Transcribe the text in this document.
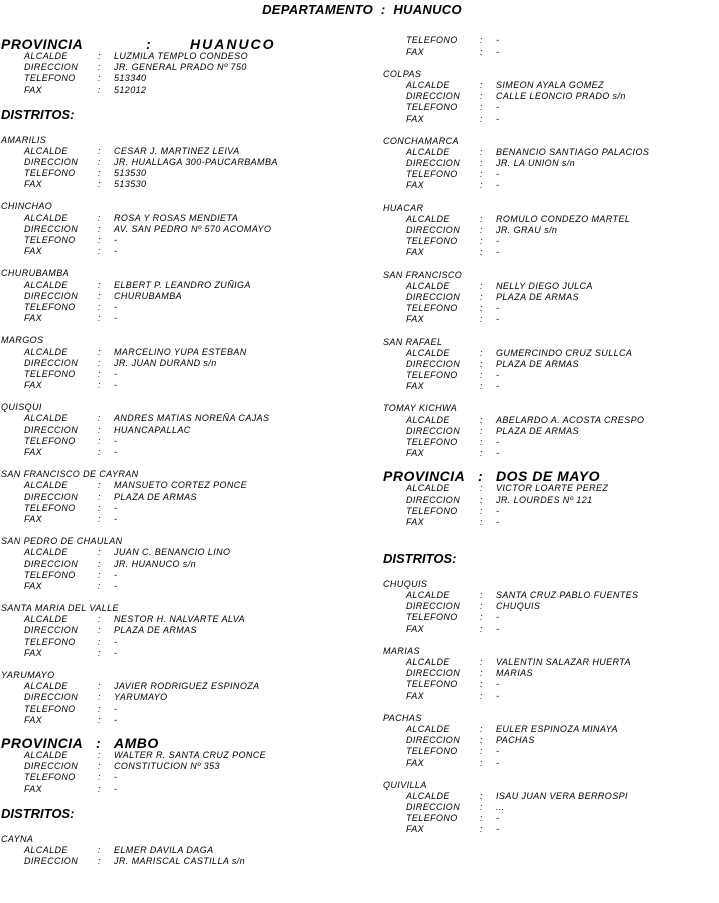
DEPARTAMENTO  :  HUANUCO
PROVINCIA	:	HUANUCO
ALCALDE	: LUZMILA TEMPLO CONDESO
DIRECCION : JR. GENERAL PRADO Nº 750
TELEFONO : 513340
FAX	: 512012
DISTRITOS:
AMARILIS
ALCALDE	: CESAR J. MARTINEZ LEIVA
DIRECCION : JR. HUALLAGA 300-PAUCARBAMBA
TELEFONO : 513530
FAX	: 513530
CHINCHAO
ALCALDE	: ROSA Y ROSAS MENDIETA
DIRECCION : AV. SAN PEDRO Nº 570 ACOMAYO
TELEFONO : -
FAX	: -
CHURUBAMBA
ALCALDE	: ELBERT P. LEANDRO ZUÑIGA
DIRECCION : CHURUBAMBA
TELEFONO : -
FAX	: -
MARGOS
ALCALDE	: MARCELINO YUPA ESTEBAN
DIRECCION : JR. JUAN DURAND s/n
TELEFONO : -
FAX	: -
QUISQUI
ALCALDE	: ANDRES MATIAS NOREÑA CAJAS
DIRECCION : HUANCAPALLAC
TELEFONO : -
FAX	: -
SAN FRANCISCO DE CAYRAN
ALCALDE	: MANSUETO CORTEZ PONCE
DIRECCION : PLAZA DE ARMAS
TELEFONO : -
FAX	: -
SAN PEDRO DE CHAULAN
ALCALDE	: JUAN C. BENANCIO LINO
DIRECCION : JR. HUANUCO s/n
TELEFONO : -
FAX	: -
SANTA MARIA DEL VALLE
ALCALDE	: NESTOR H. NALVARTE ALVA
DIRECCION : PLAZA DE ARMAS
TELEFONO : -
FAX	: -
YARUMAYO
ALCALDE	: JAVIER RODRIGUEZ ESPINOZA
DIRECCION : YARUMAYO
TELEFONO : -
FAX	: -
PROVINCIA : AMBO
ALCALDE	: WALTER R. SANTA CRUZ PONCE
DIRECCION : CONSTITUCION Nº 353
TELEFONO : -
FAX	: -
DISTRITOS:
CAYNA
ALCALDE	: ELMER DAVILA DAGA
DIRECCION : JR. MARISCAL CASTILLA s/n
TELEFONO : -
FAX	: -
COLPAS
ALCALDE	: SIMEON AYALA GOMEZ
DIRECCION : CALLE LEONCIO PRADO s/n
TELEFONO : -
FAX	: -
CONCHAMARCA
ALCALDE	: BENANCIO SANTIAGO PALACIOS
DIRECCION : JR. LA UNION s/n
TELEFONO : -
FAX	: -
HUACAR
ALCALDE	: ROMULO CONDEZO MARTEL
DIRECCION : JR. GRAU s/n
TELEFONO : -
FAX	: -
SAN FRANCISCO
ALCALDE	: NELLY DIEGO JULCA
DIRECCION : PLAZA DE ARMAS
TELEFONO : -
FAX	: -
SAN RAFAEL
ALCALDE	: GUMERCINDO CRUZ SULLCA
DIRECCION : PLAZA DE ARMAS
TELEFONO : -
FAX	: -
TOMAY KICHWA
ALCALDE	: ABELARDO A. ACOSTA CRESPO
DIRECCION : PLAZA DE ARMAS
TELEFONO : -
FAX	: -
PROVINCIA : DOS DE MAYO
ALCALDE	: VICTOR LOARTE PEREZ
DIRECCION : JR. LOURDES Nº 121
TELEFONO : -
FAX	: -
DISTRITOS:
CHUQUIS
ALCALDE	: SANTA CRUZ PABLO FUENTES
DIRECCION : CHUQUIS
TELEFONO : -
FAX	: -
MARIAS
ALCALDE	: VALENTIN SALAZAR HUERTA
DIRECCION : MARIAS
TELEFONO : -
FAX	: -
PACHAS
ALCALDE	: EULER ESPINOZA MINAYA
DIRECCION : PACHAS
TELEFONO : -
FAX	: -
QUIVILLA
ALCALDE	: ISAU JUAN VERA BERROSPI
DIRECCION : ...
TELEFONO : -
FAX	: -
